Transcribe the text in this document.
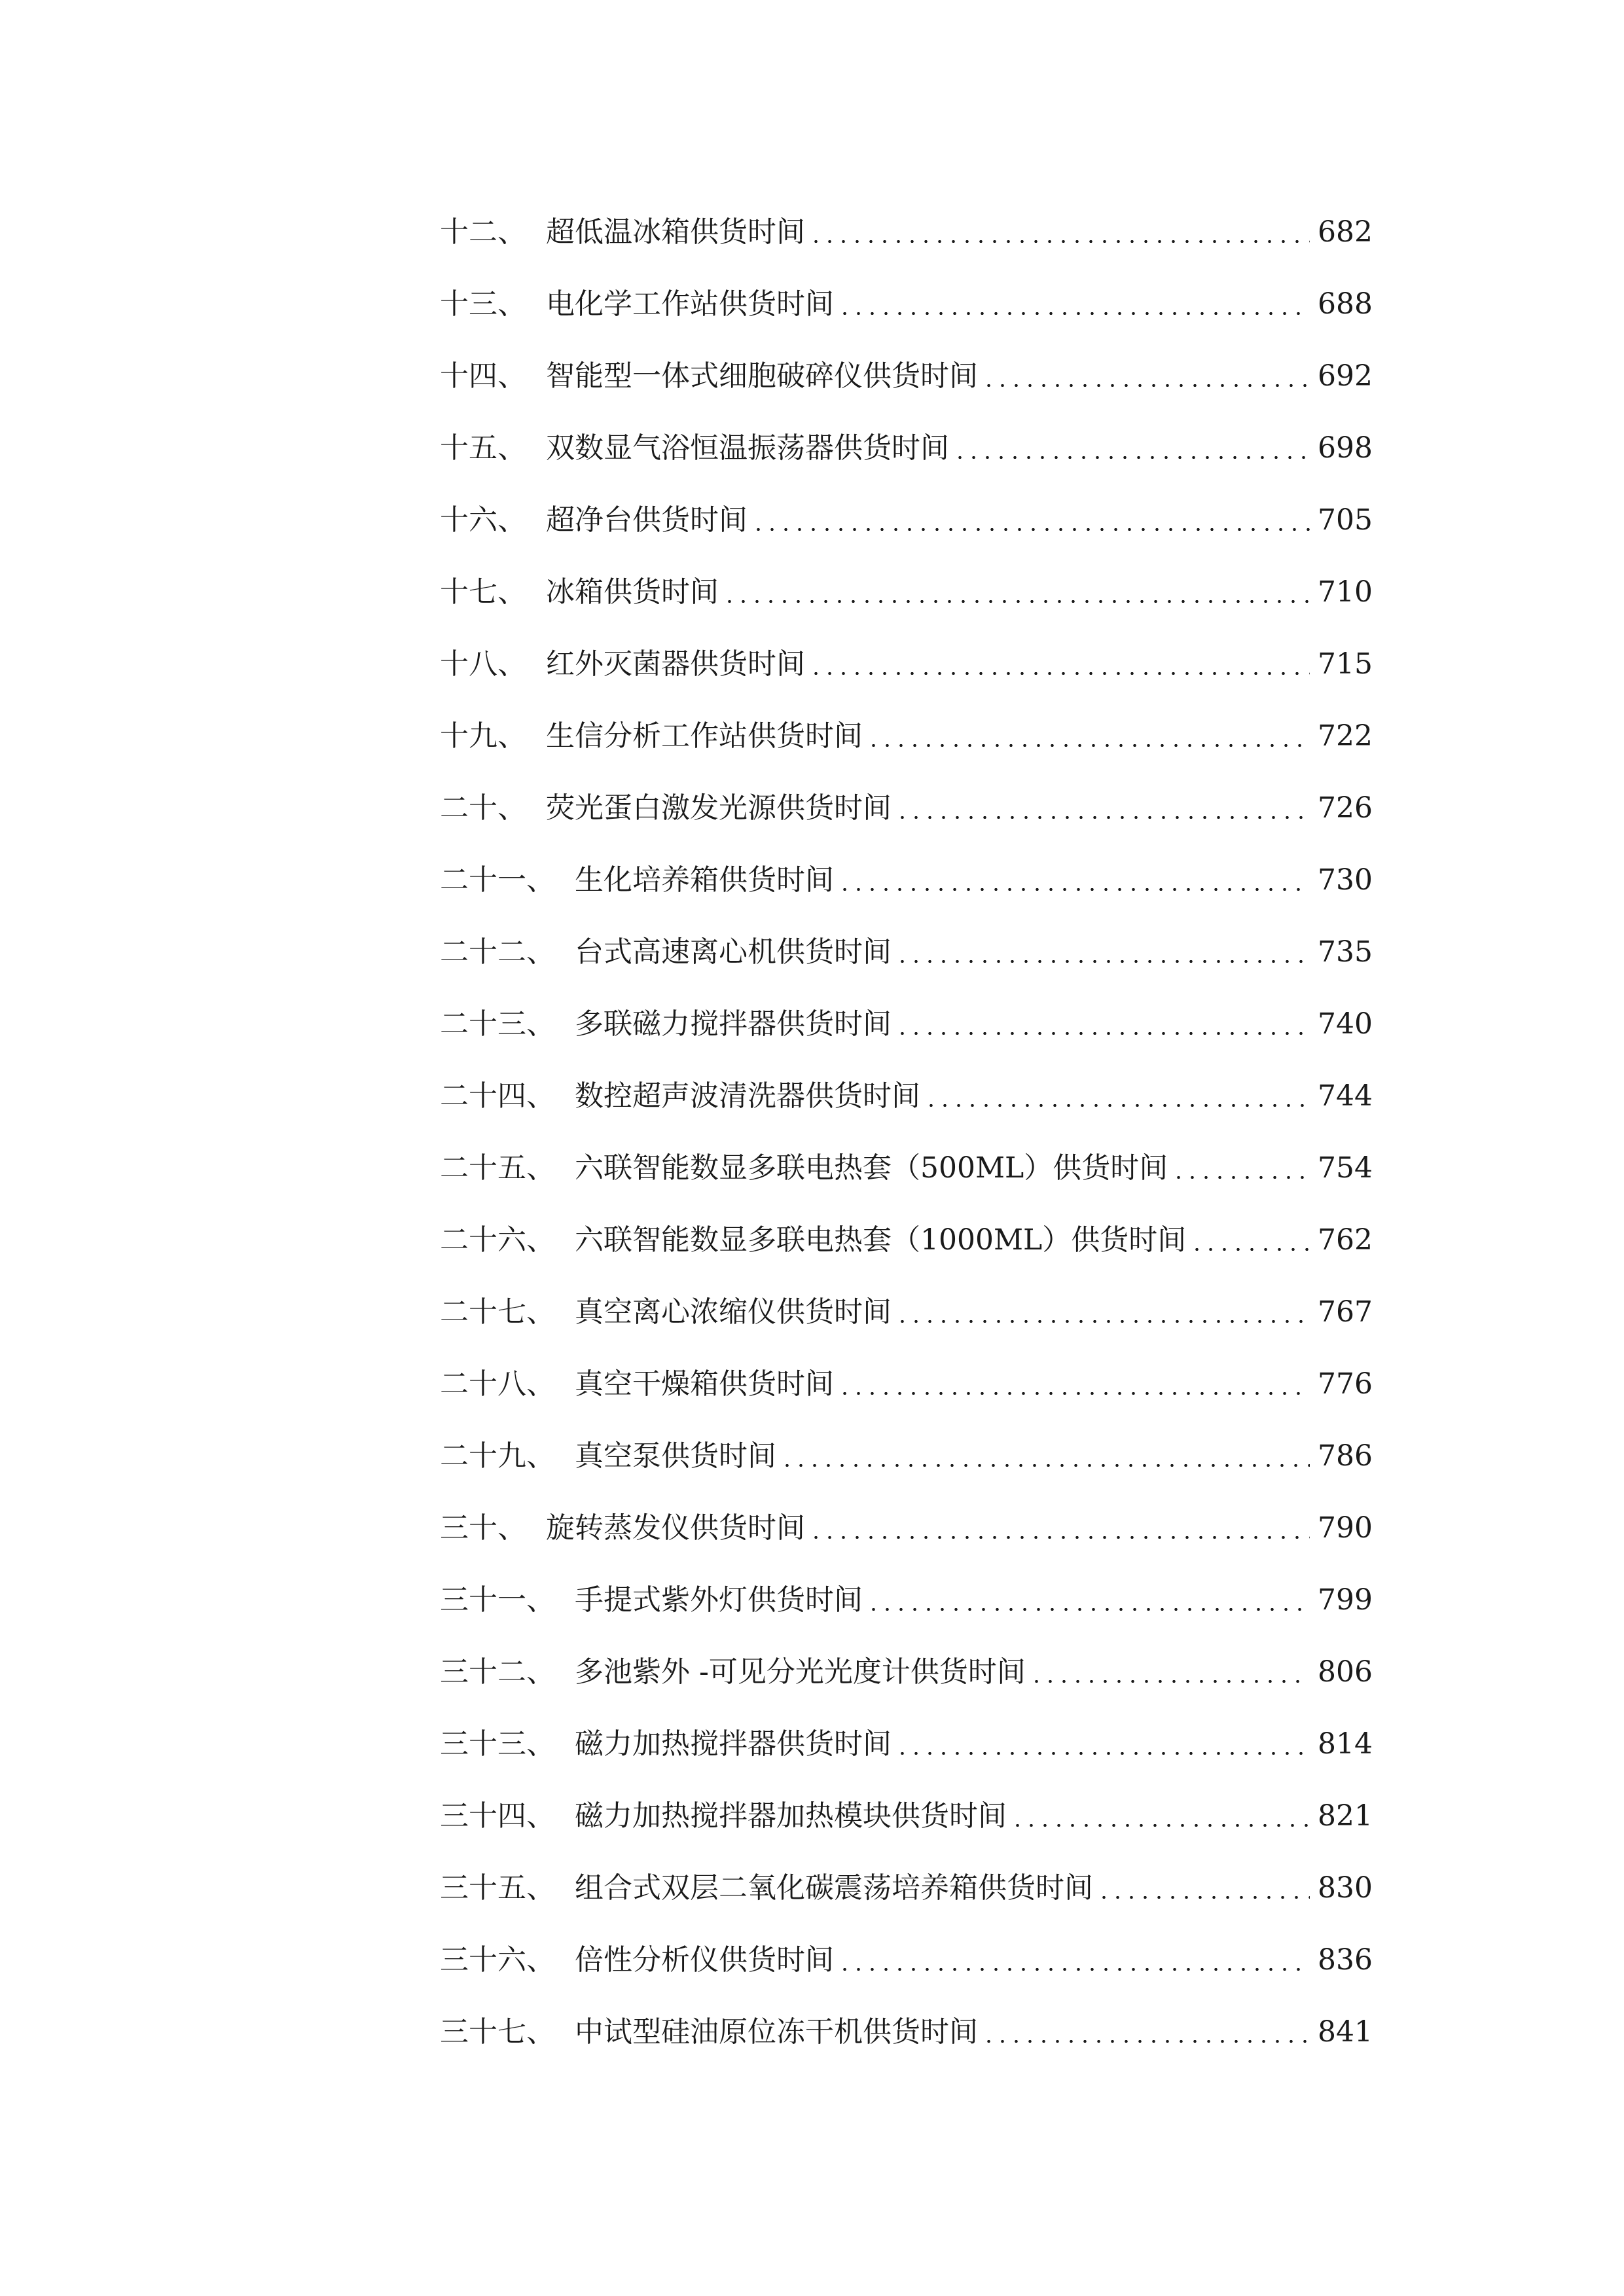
十二、 超低温冰箱供货时间	682
十三、 电化学工作站供货时间	688
十四、 智能型一体式细胞破碎仪供货时间	692
十五、 双数显气浴恒温振荡器供货时间	698
十六、 超净台供货时间	705
十七、 冰箱供货时间	710
十八、 红外灭菌器供货时间	715
十九、 生信分析工作站供货时间	722
二十、 荧光蛋白激发光源供货时间	726
二十一、 生化培养箱供货时间	730
二十二、 台式高速离心机供货时间	735
二十三、 多联磁力搅拌器供货时间	740
二十四、 数控超声波清洗器供货时间	744
二十五、 六联智能数显多联电热套（500ML）供货时间	754
二十六、 六联智能数显多联电热套（1000ML）供货时间	762
二十七、 真空离心浓缩仪供货时间	767
二十八、 真空干燥箱供货时间	776
二十九、 真空泵供货时间	786
三十、 旋转蒸发仪供货时间	790
三十一、 手提式紫外灯供货时间	799
三十二、 多池紫外 -可见分光光度计供货时间	806
三十三、 磁力加热搅拌器供货时间	814
三十四、 磁力加热搅拌器加热模块供货时间	821
三十五、 组合式双层二氧化碳震荡培养箱供货时间	830
三十六、 倍性分析仪供货时间	836
三十七、 中试型硅油原位冻干机供货时间	841
